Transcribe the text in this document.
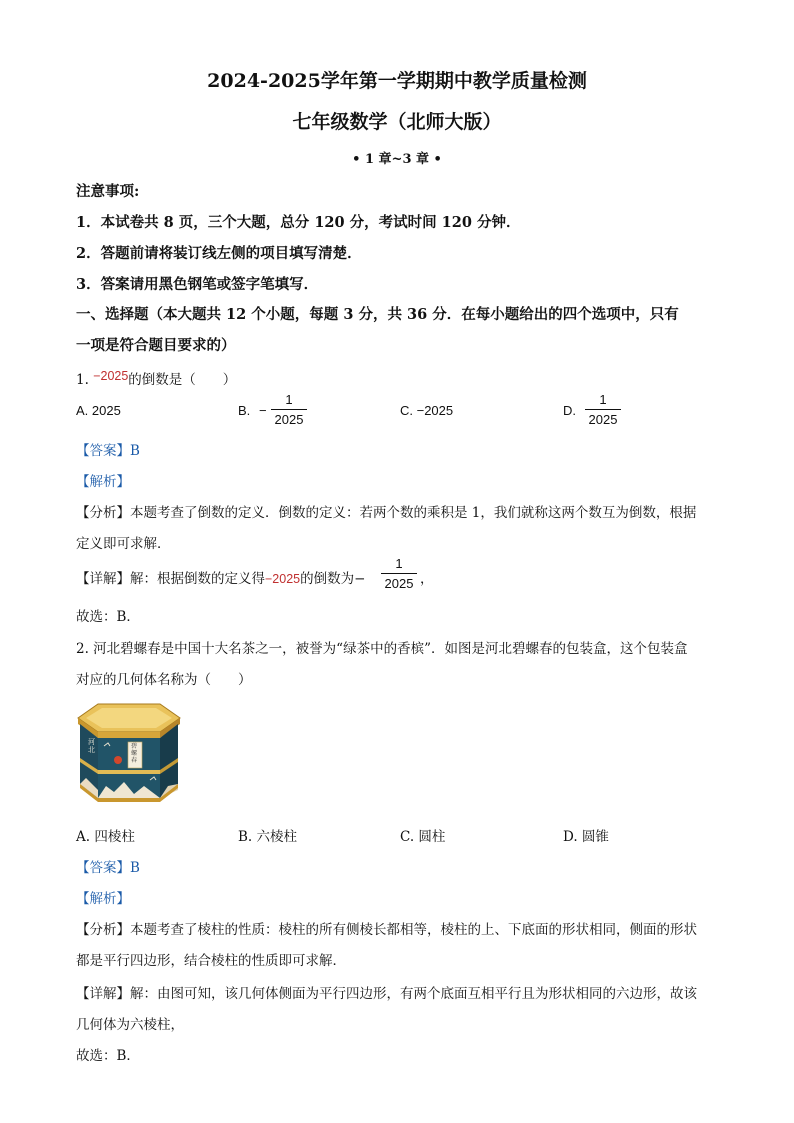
2024-2025学年第一学期期中教学质量检测
七年级数学（北师大版）
• 1 章~3 章 •
注意事项:
1．本试卷共 8 页，三个大题，总分 120 分，考试时间 120 分钟．
2．答题前请将装订线左侧的项目填写清楚．
3．答案请用黑色钢笔或签字笔填写．
一、选择题（本大题共 12 个小题，每题 3 分，共 36 分．在每小题给出的四个选项中，只有
一项是符合题目要求的）
1. −2025的倒数是（　　）
A. 2025	B. −
1
2025
C. −2025	D.
1
2025
【答案】B
【解析】
【分析】本题考查了倒数的定义．倒数的定义：若两个数的乘积是 1，我们就称这两个数互为倒数，根据
定义即可求解．
【详解】解：根据倒数的定义得−2025的倒数为−
1
2025 ，
故选：B．
2. 河北碧螺春是中国十大名茶之一，被誉为“绿茶中的香槟”．如图是河北碧螺春的包装盒，这个包装盒
对应的几何体名称为（　　）
河北	碧螺春
A. 四棱柱	B. 六棱柱	C. 圆柱	D. 圆锥
【答案】B
【解析】
【分析】本题考查了棱柱的性质：棱柱的所有侧棱长都相等，棱柱的上、下底面的形状相同，侧面的形状
都是平行四边形，结合棱柱的性质即可求解．
【详解】解：由图可知，该几何体侧面为平行四边形，有两个底面互相平行且为形状相同的六边形，故该
几何体为六棱柱，
故选：B．
